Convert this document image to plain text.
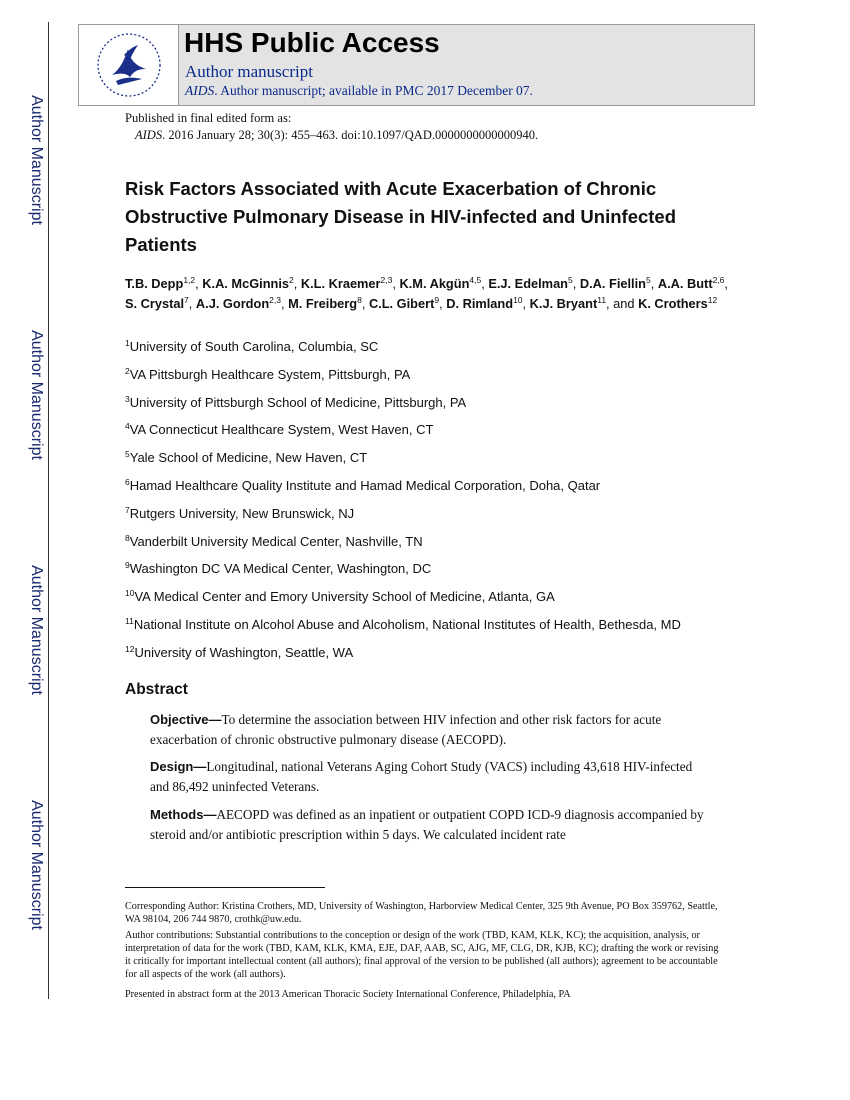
Author Manuscript
Author Manuscript
Author Manuscript
Author Manuscript
HHS Public Access
Author manuscript
AIDS. Author manuscript; available in PMC 2017 December 07.
Published in final edited form as:
AIDS. 2016 January 28; 30(3): 455–463. doi:10.1097/QAD.0000000000000940.
Risk Factors Associated with Acute Exacerbation of Chronic Obstructive Pulmonary Disease in HIV-infected and Uninfected Patients
T.B. Depp$^{1,2}$, K.A. McGinnis$^2$, K.L. Kraemer$^{2,3}$, K.M. Akgün$^{4,5}$, E.J. Edelman$^5$, D.A. Fiellin$^5$, A.A. Butt$^{2,6}$, S. Crystal$^7$, A.J. Gordon$^{2,3}$, M. Freiberg$^8$, C.L. Gibert$^9$, D. Rimland$^{10}$, K.J. Bryant$^{11}$, and K. Crothers$^{12}$
$^1$University of South Carolina, Columbia, SC
$^2$VA Pittsburgh Healthcare System, Pittsburgh, PA
$^3$University of Pittsburgh School of Medicine, Pittsburgh, PA
$^4$VA Connecticut Healthcare System, West Haven, CT
$^5$Yale School of Medicine, New Haven, CT
$^6$Hamad Healthcare Quality Institute and Hamad Medical Corporation, Doha, Qatar
$^7$Rutgers University, New Brunswick, NJ
$^8$Vanderbilt University Medical Center, Nashville, TN
$^9$Washington DC VA Medical Center, Washington, DC
$^{10}$VA Medical Center and Emory University School of Medicine, Atlanta, GA
$^{11}$National Institute on Alcohol Abuse and Alcoholism, National Institutes of Health, Bethesda, MD
$^{12}$University of Washington, Seattle, WA
Abstract
Objective—To determine the association between HIV infection and other risk factors for acute exacerbation of chronic obstructive pulmonary disease (AECOPD).
Design—Longitudinal, national Veterans Aging Cohort Study (VACS) including 43,618 HIV-infected and 86,492 uninfected Veterans.
Methods—AECOPD was defined as an inpatient or outpatient COPD ICD-9 diagnosis accompanied by steroid and/or antibiotic prescription within 5 days. We calculated incident rate
Corresponding Author: Kristina Crothers, MD, University of Washington, Harborview Medical Center, 325 9th Avenue, PO Box 359762, Seattle, WA 98104, 206 744 9870, crothk@uw.edu.
Author contributions: Substantial contributions to the conception or design of the work (TBD, KAM, KLK, KC); the acquisition, analysis, or interpretation of data for the work (TBD, KAM, KLK, KMA, EJE, DAF, AAB, SC, AJG, MF, CLG, DR, KJB, KC); drafting the work or revising it critically for important intellectual content (all authors); final approval of the version to be published (all authors); agreement to be accountable for all aspects of the work (all authors).
Presented in abstract form at the 2013 American Thoracic Society International Conference, Philadelphia, PA
